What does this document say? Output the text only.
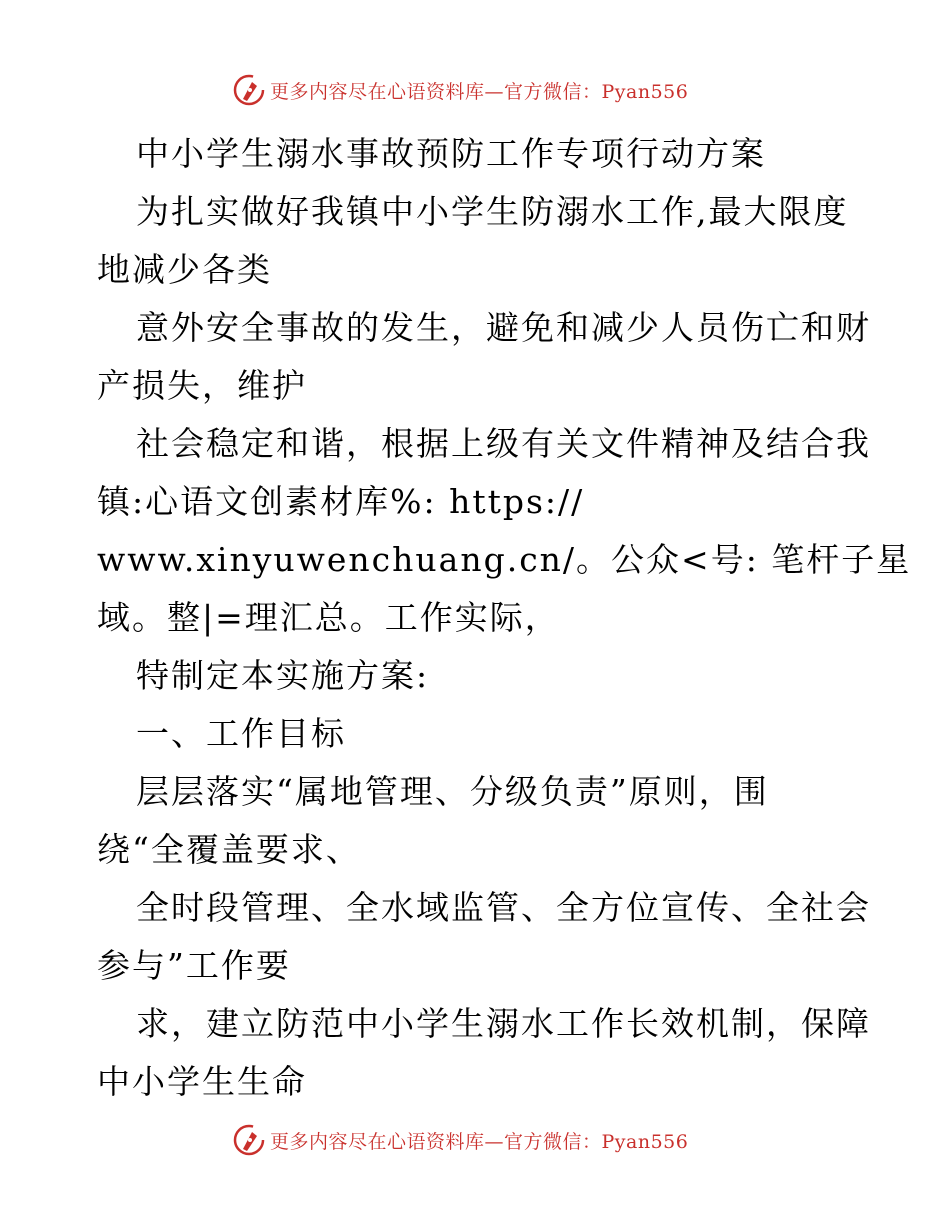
更多内容尽在心语资料库—官方微信：Pyan556
中小学生溺水事故预防工作专项行动方案
为扎实做好我镇中小学生防溺水工作,最大限度
地减少各类
意外安全事故的发生，避免和减少人员伤亡和财
产损失，维护
社会稳定和谐，根据上级有关文件精神及结合我
镇:心语文创素材库%: https://
www.xinyuwenchuang.cn/。公众<号: 笔杆子星
域。整|=理汇总。工作实际，
特制定本实施方案:
一、工作目标
层层落实“属地管理、分级负责”原则，围
绕“全覆盖要求、
全时段管理、全水域监管、全方位宣传、全社会
参与”工作要
求，建立防范中小学生溺水工作长效机制，保障
中小学生生命
更多内容尽在心语资料库—官方微信：Pyan556
